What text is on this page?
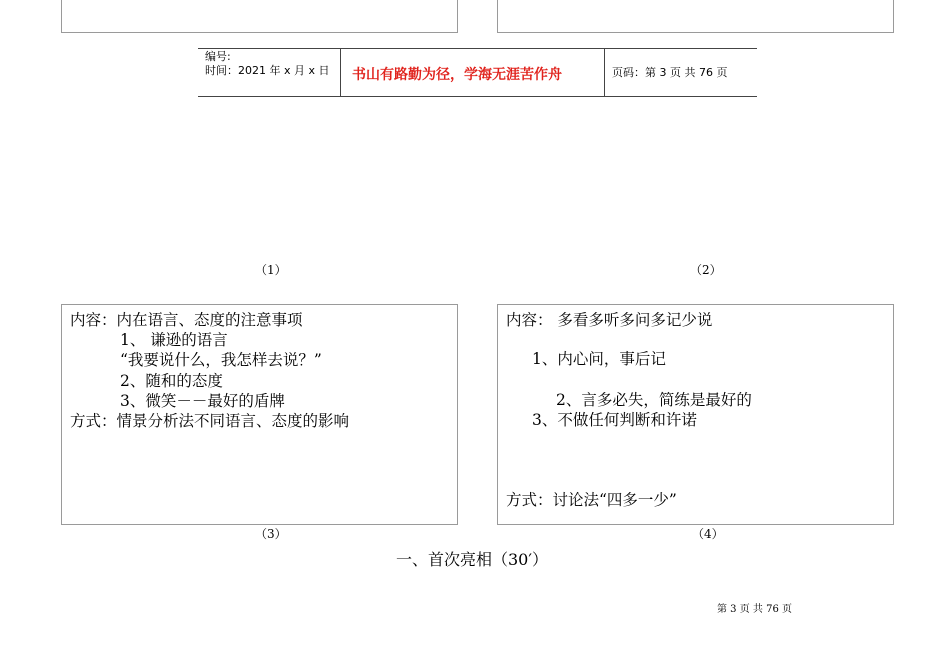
编号:
时间：2021 年 x 月 x 日 书山有路勤为径，学海无涯苦作舟	页码：第 3 页 共 76 页
（1）	（2）
内容：内在语言、态度的注意事项
1、 谦逊的语言
“我要说什么，我怎样去说？”
2、随和的态度
3、微笑－－最好的盾牌
方式：情景分析法不同语言、态度的影响
内容： 多看多听多问多记少说
1、内心问，事后记
2、言多必失，简练是最好的
3、不做任何判断和许诺
方式：讨论法“四多一少”
（3）	（4）
一、首次亮相（30′）
第 3 页 共 76 页
